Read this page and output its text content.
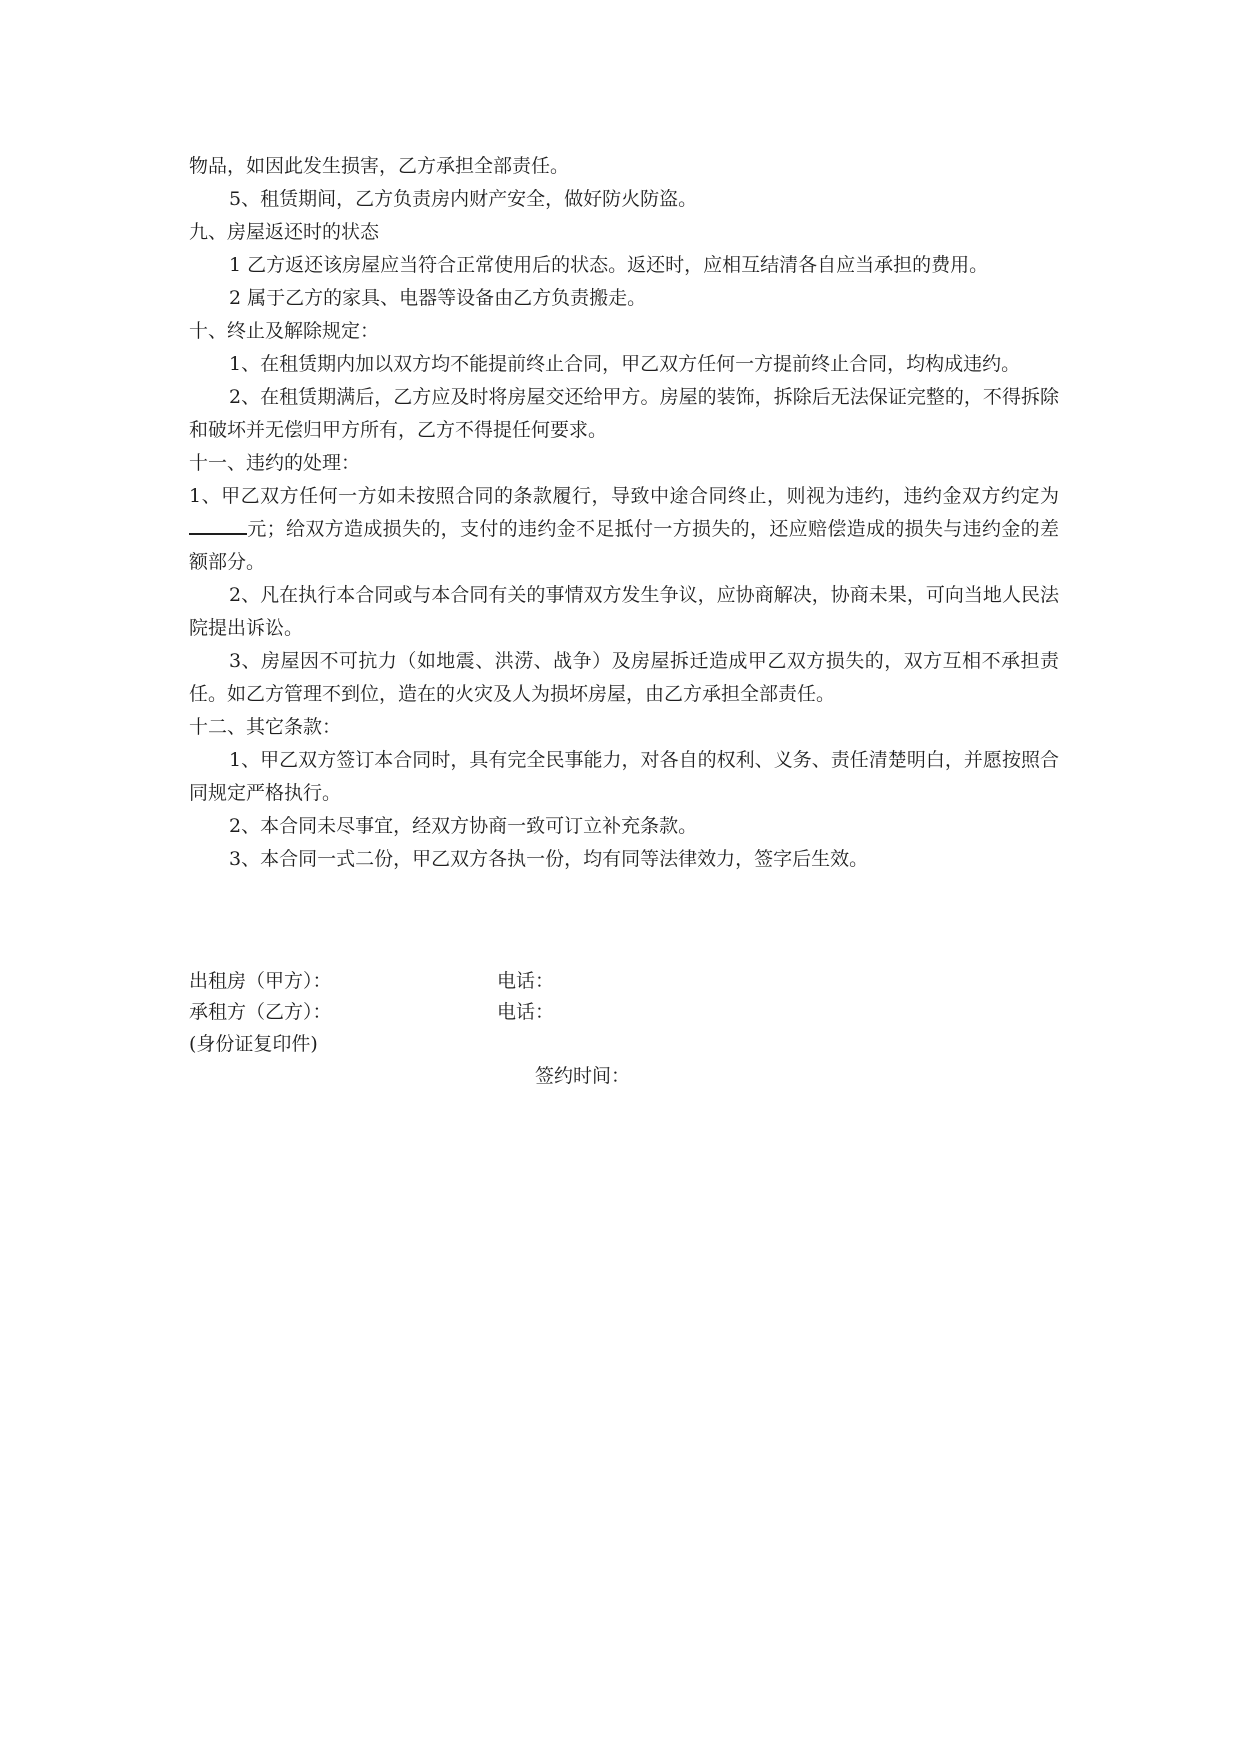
物品，如因此发生损害，乙方承担全部责任。

5、租赁期间，乙方负责房内财产安全，做好防火防盗。

九、房屋返还时的状态

1 乙方返还该房屋应当符合正常使用后的状态。返还时，应相互结清各自应当承担的费用。

2 属于乙方的家具、电器等设备由乙方负责搬走。

十、终止及解除规定：

1、在租赁期内加以双方均不能提前终止合同，甲乙双方任何一方提前终止合同，均构成违约。

2、在租赁期满后，乙方应及时将房屋交还给甲方。房屋的装饰，拆除后无法保证完整的，不得拆除和破坏并无偿归甲方所有，乙方不得提任何要求。

十一、违约的处理：

1、甲乙双方任何一方如未按照合同的条款履行，导致中途合同终止，则视为违约，违约金双方约定为元；给双方造成损失的，支付的违约金不足抵付一方损失的，还应赔偿造成的损失与违约金的差额部分。

2、凡在执行本合同或与本合同有关的事情双方发生争议，应协商解决，协商未果，可向当地人民法院提出诉讼。

3、房屋因不可抗力（如地震、洪涝、战争）及房屋拆迁造成甲乙双方损失的，双方互相不承担责任。如乙方管理不到位，造在的火灾及人为损坏房屋，由乙方承担全部责任。

十二、其它条款：

1、甲乙双方签订本合同时，具有完全民事能力，对各自的权利、义务、责任清楚明白，并愿按照合同规定严格执行。

2、本合同未尽事宜，经双方协商一致可订立补充条款。

3、本合同一式二份，甲乙双方各执一份，均有同等法律效力，签字后生效。

出租房（甲方）：	电话：
承租方（乙方）：	电话：
(身份证复印件)
签约时间：
